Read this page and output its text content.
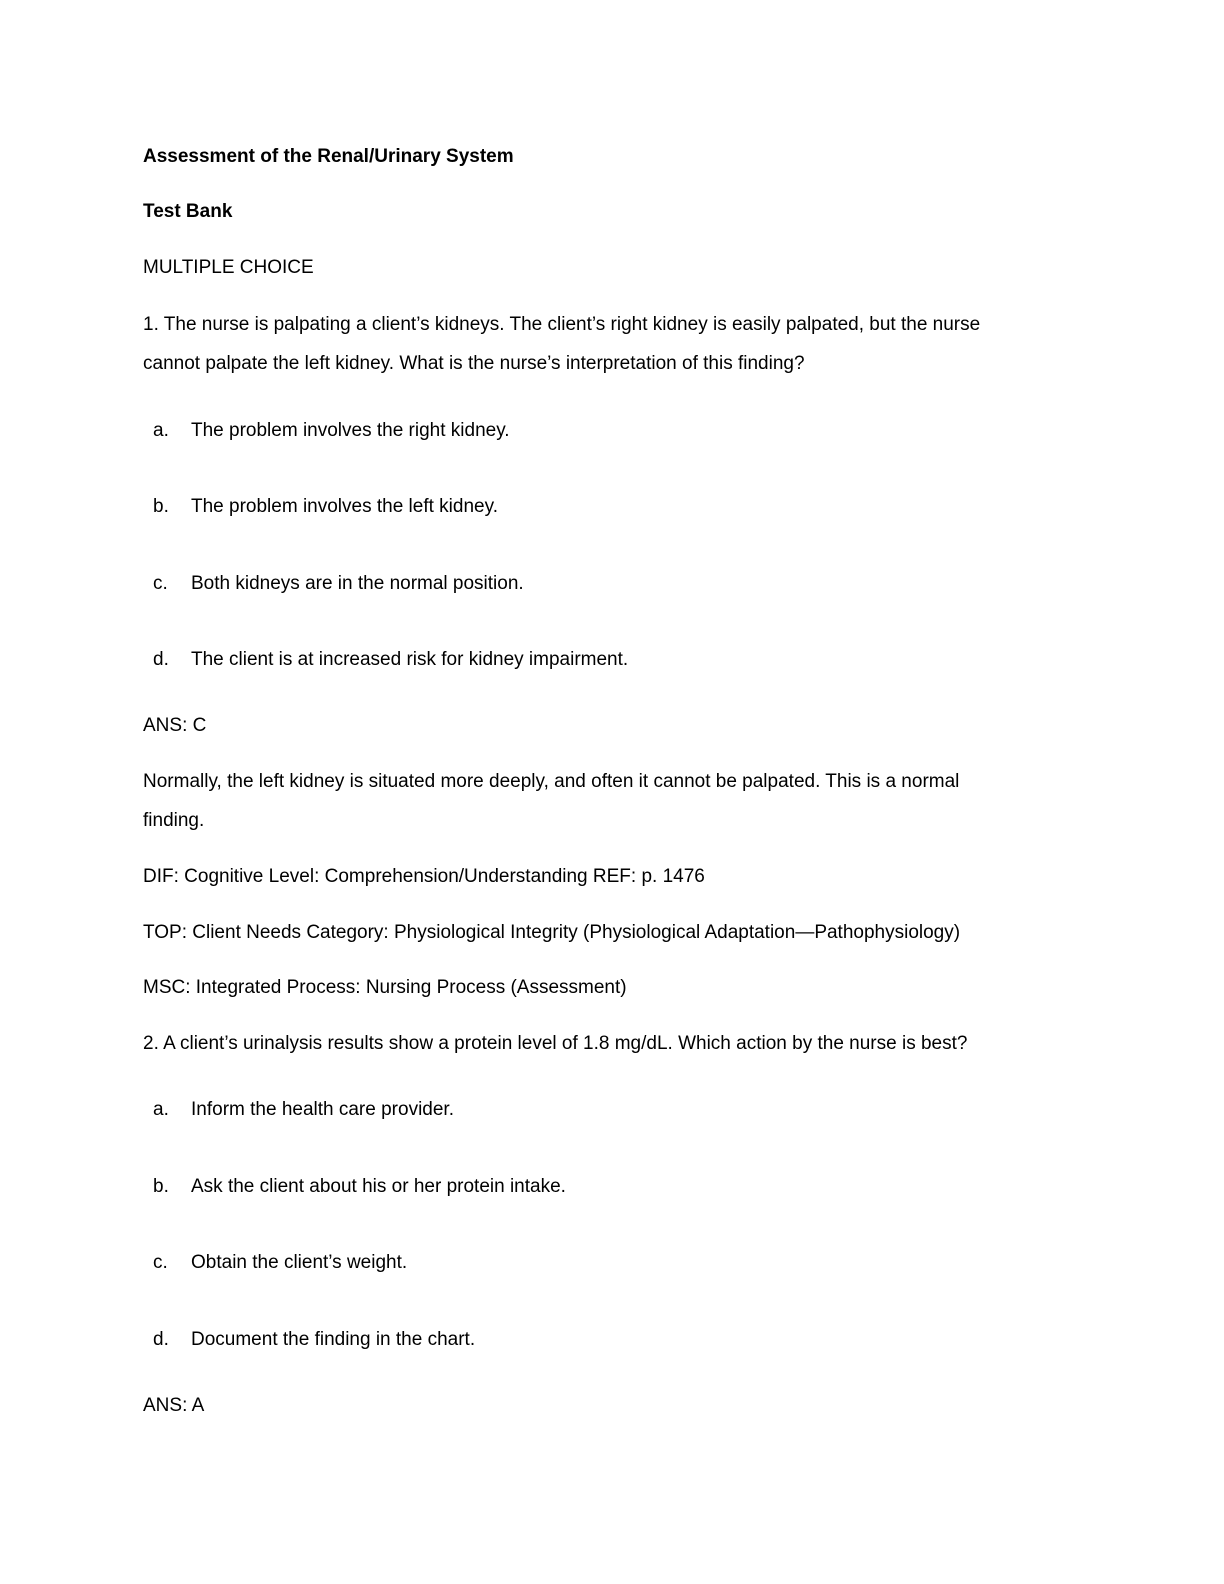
Assessment of the Renal/Urinary System
Test Bank
MULTIPLE CHOICE
1. The nurse is palpating a client’s kidneys. The client’s right kidney is easily palpated, but the nurse
cannot palpate the left kidney. What is the nurse’s interpretation of this finding?
a. The problem involves the right kidney.
b. The problem involves the left kidney.
c. Both kidneys are in the normal position.
d. The client is at increased risk for kidney impairment.
ANS: C
Normally, the left kidney is situated more deeply, and often it cannot be palpated. This is a normal
finding.
DIF: Cognitive Level: Comprehension/Understanding REF: p. 1476
TOP: Client Needs Category: Physiological Integrity (Physiological Adaptation—Pathophysiology)
MSC: Integrated Process: Nursing Process (Assessment)
2. A client’s urinalysis results show a protein level of 1.8 mg/dL. Which action by the nurse is best?
a. Inform the health care provider.
b. Ask the client about his or her protein intake.
c. Obtain the client’s weight.
d. Document the finding in the chart.
ANS: A
